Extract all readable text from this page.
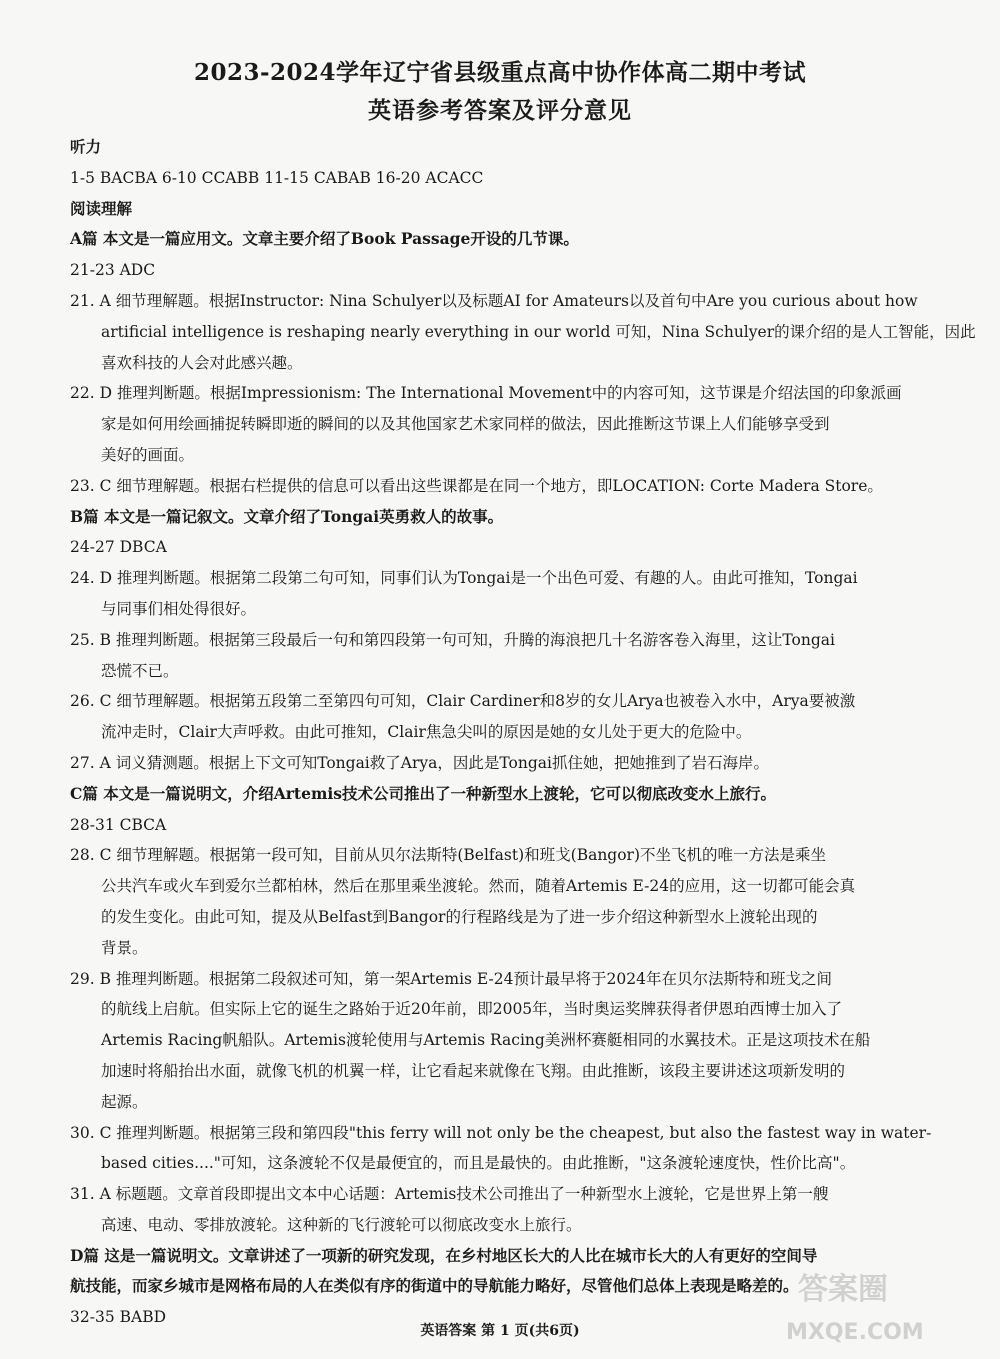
2023-2024学年辽宁省县级重点高中协作体高二期中考试
英语参考答案及评分意见
听力
1-5 BACBA 6-10 CCABB 11-15 CABAB 16-20 ACACC
阅读理解
A篇 本文是一篇应用文。文章主要介绍了Book Passage开设的几节课。
21-23 ADC
21. A 细节理解题。根据Instructor: Nina Schulyer以及标题AI for Amateurs以及首句中Are you curious about how
artificial intelligence is reshaping nearly everything in our world 可知，Nina Schulyer的课介绍的是人工智能，因此
喜欢科技的人会对此感兴趣。
22. D 推理判断题。根据Impressionism: The International Movement中的内容可知，这节课是介绍法国的印象派画
家是如何用绘画捕捉转瞬即逝的瞬间的以及其他国家艺术家同样的做法，因此推断这节课上人们能够享受到
美好的画面。
23. C 细节理解题。根据右栏提供的信息可以看出这些课都是在同一个地方，即LOCATION: Corte Madera Store。
B篇 本文是一篇记叙文。文章介绍了Tongai英勇救人的故事。
24-27 DBCA
24. D 推理判断题。根据第二段第二句可知，同事们认为Tongai是一个出色可爱、有趣的人。由此可推知，Tongai
与同事们相处得很好。
25. B 推理判断题。根据第三段最后一句和第四段第一句可知，升腾的海浪把几十名游客卷入海里，这让Tongai
恐慌不已。
26. C 细节理解题。根据第五段第二至第四句可知，Clair Cardiner和8岁的女儿Arya也被卷入水中，Arya要被激
流冲走时，Clair大声呼救。由此可推知，Clair焦急尖叫的原因是她的女儿处于更大的危险中。
27. A 词义猜测题。根据上下文可知Tongai救了Arya，因此是Tongai抓住她，把她推到了岩石海岸。
C篇 本文是一篇说明文，介绍Artemis技术公司推出了一种新型水上渡轮，它可以彻底改变水上旅行。
28-31 CBCA
28. C 细节理解题。根据第一段可知，目前从贝尔法斯特(Belfast)和班戈(Bangor)不坐飞机的唯一方法是乘坐
公共汽车或火车到爱尔兰都柏林，然后在那里乘坐渡轮。然而，随着Artemis E-24的应用，这一切都可能会真
的发生变化。由此可知，提及从Belfast到Bangor的行程路线是为了进一步介绍这种新型水上渡轮出现的
背景。
29. B 推理判断题。根据第二段叙述可知，第一架Artemis E-24预计最早将于2024年在贝尔法斯特和班戈之间
的航线上启航。但实际上它的诞生之路始于近20年前，即2005年，当时奥运奖牌获得者伊恩珀西博士加入了
Artemis Racing帆船队。Artemis渡轮使用与Artemis Racing美洲杯赛艇相同的水翼技术。正是这项技术在船
加速时将船抬出水面，就像飞机的机翼一样，让它看起来就像在飞翔。由此推断，该段主要讲述这项新发明的
起源。
30. C 推理判断题。根据第三段和第四段"this ferry will not only be the cheapest, but also the fastest way in water-
based cities...."可知，这条渡轮不仅是最便宜的，而且是最快的。由此推断，"这条渡轮速度快，性价比高"。
31. A 标题题。文章首段即提出文本中心话题：Artemis技术公司推出了一种新型水上渡轮，它是世界上第一艘
高速、电动、零排放渡轮。这种新的飞行渡轮可以彻底改变水上旅行。
D篇 这是一篇说明文。文章讲述了一项新的研究发现，在乡村地区长大的人比在城市长大的人有更好的空间导
航技能，而家乡城市是网格布局的人在类似有序的街道中的导航能力略好，尽管他们总体上表现是略差的。
32-35 BABD
英语答案 第 1 页(共6页)
答案圈
MXQE.COM
